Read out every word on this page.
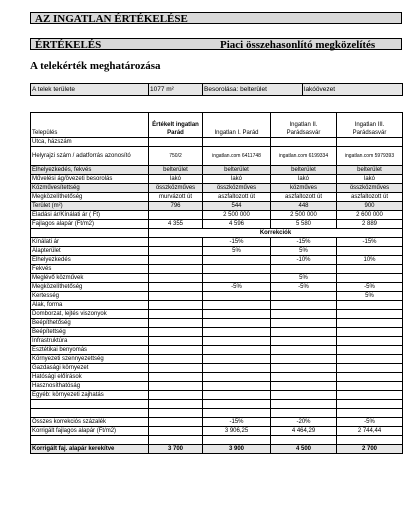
AZ INGATLAN ÉRTÉKELÉSE
ÉRTÉKELÉS	Piaci összehasonlító megközelítés
A telekérték meghatározása
A telek területe	1077 m²	Besorolása: belterület	lakóövezet
Település	Értékelt ingatlan Parád	Ingatlan I. Parád	Ingatlan II. Parádsasvár	Ingatlan III. Parádsasvár
Utca, házszám				
Helyrajzi szám / adatforrás azonosító	750/2	ingatlan.com 6411748	ingatlan.com 6199334	ingatlan.com 5979393
Elhelyezkedés, fekvés	belterület	belterület	belterület	belterület
Művelési ág/övezeti besorolás	lakó	lakó	lakó	lakó
Közművesítettség	összközműves	összközműves	közműves	összközműves
Megközelíthetőség	murvázott út	aszfaltozott út	aszfaltozott út	aszfaltozott út
Terület (m²)	796	544	448	900
Eladási ár/Kínálati ár ( Ft)		2 500 000	2 500 000	2 600 000
Fajlagos alapár (Ft/m2)	4 355	4 596	5 580	2 889
	Korrekciók			
Kínálati ár		-15%	-15%	-15%
Alapterület		5%	5%	
Elhelyezkedés			-10%	10%
Fekvés				
Meglévő közművek			5%	
Megközelíthetőség		-5%	-5%	-5%
Kertesség				5%
Alak, forma				
Domborzat, lejtés viszonyok				
Beépíthetőség				
Beépítettség				
Infrastruktúra				
Esztétikai benyomás				
Környezeti szennyezettség				
Gazdasági környezet				
Hatósági előírások				
Hasznosíthatóság				
Egyéb: környezeti zajhatás				

Összes korrekciós százalék		-15%	-20%	-5%
Korrigált fajlagos alapár (Ft/m2)		3 906,25	4 464,29	2 744,44

Korrigált faj. alapár kerekítve	3 700	3 900	4 500	2 700
